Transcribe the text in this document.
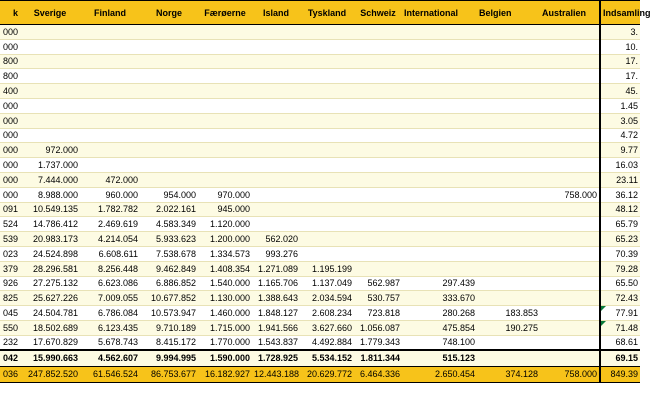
k	Sverige	Finland	Norge	Færøerne	Island	Tyskland	Schweiz	International	Belgien	Australien	Indsamling
000											3.
000											10.
800											17.
800											17.
400											45.
000											1.45
000											3.05
000											4.72
000	972.000										9.77
000	1.737.000										16.03
000	7.444.000	472.000									23.11
000	8.988.000	960.000	954.000	970.000						758.000	36.12
091	10.549.135	1.782.782	2.022.161	945.000							48.12
524	14.786.412	2.469.619	4.583.349	1.120.000							65.79
539	20.983.173	4.214.054	5.933.623	1.200.000	562.020						65.23
023	24.524.898	6.608.611	7.538.678	1.334.573	993.276						70.39
379	28.296.581	8.256.448	9.462.849	1.408.354	1.271.089	1.195.199					79.28
926	27.275.132	6.623.086	6.886.852	1.540.000	1.165.706	1.137.049	562.987	297.439			65.50
825	25.627.226	7.009.055	10.677.852	1.130.000	1.388.643	2.034.594	530.757	333.670			72.43
045	24.504.781	6.786.084	10.573.947	1.460.000	1.848.127	2.608.234	723.818	280.268	183.853		77.91
550	18.502.689	6.123.435	9.710.189	1.715.000	1.941.566	3.627.660	1.056.087	475.854	190.275		71.48
232	17.670.829	5.678.743	8.415.172	1.770.000	1.543.837	4.492.884	1.779.343	748.100			68.61
042	15.990.663	4.562.607	9.994.995	1.590.000	1.728.925	5.534.152	1.811.344	515.123			69.15
036	247.852.520	61.546.524	86.753.677	16.182.927	12.443.188	20.629.772	6.464.336	2.650.454	374.128	758.000	849.39
